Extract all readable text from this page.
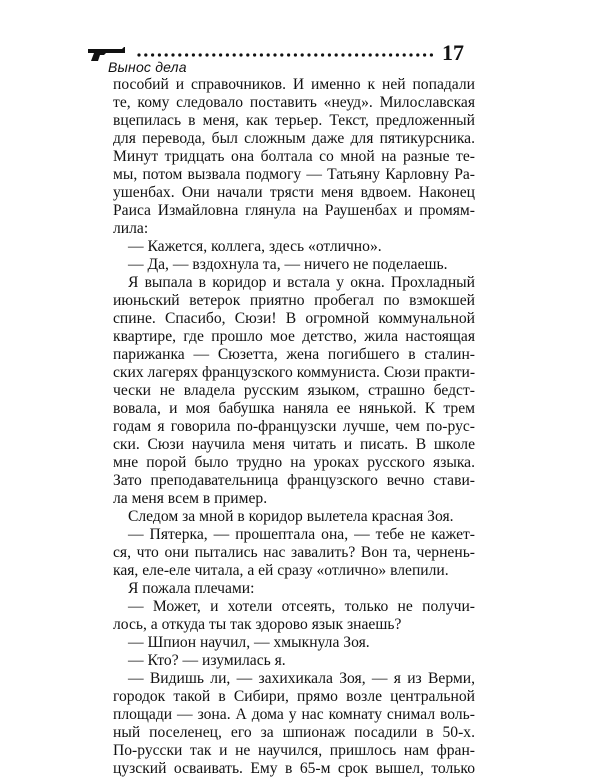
Вынос дела
17
пособий и справочников. И именно к ней попадали
те, кому следовало поставить «неуд». Милославская
вцепилась в меня, как терьер. Текст, предложенный
для перевода, был сложным даже для пятикурсника.
Минут тридцать она болтала со мной на разные те-
мы, потом вызвала подмогу — Татьяну Карловну Ра-
ушенбах. Они начали трясти меня вдвоем. Наконец
Раиса Измайловна глянула на Раушенбах и промям-
лила:
— Кажется, коллега, здесь «отлично».
— Да, — вздохнула та, — ничего не поделаешь.
Я выпала в коридор и встала у окна. Прохладный
июньский ветерок приятно пробегал по взмокшей
спине. Спасибо, Сюзи! В огромной коммунальной
квартире, где прошло мое детство, жила настоящая
парижанка — Сюзетта, жена погибшего в сталин-
ских лагерях французского коммуниста. Сюзи практи-
чески не владела русским языком, страшно бедст-
вовала, и моя бабушка наняла ее нянькой. К трем
годам я говорила по-французски лучше, чем по-рус-
ски. Сюзи научила меня читать и писать. В школе
мне порой было трудно на уроках русского языка.
Зато преподавательница французского вечно стави-
ла меня всем в пример.
Следом за мной в коридор вылетела красная Зоя.
— Пятерка, — прошептала она, — тебе не кажет-
ся, что они пытались нас завалить? Вон та, чернень-
кая, еле-еле читала, а ей сразу «отлично» влепили.
Я пожала плечами:
— Может, и хотели отсеять, только не получи-
лось, а откуда ты так здорово язык знаешь?
— Шпион научил, — хмыкнула Зоя.
— Кто? — изумилась я.
— Видишь ли, — захихикала Зоя, — я из Верми,
городок такой в Сибири, прямо возле центральной
площади — зона. А дома у нас комнату снимал воль-
ный поселенец, его за шпионаж посадили в 50-х.
По-русски так и не научился, пришлось нам фран-
цузский осваивать. Ему в 65-м срок вышел, только
